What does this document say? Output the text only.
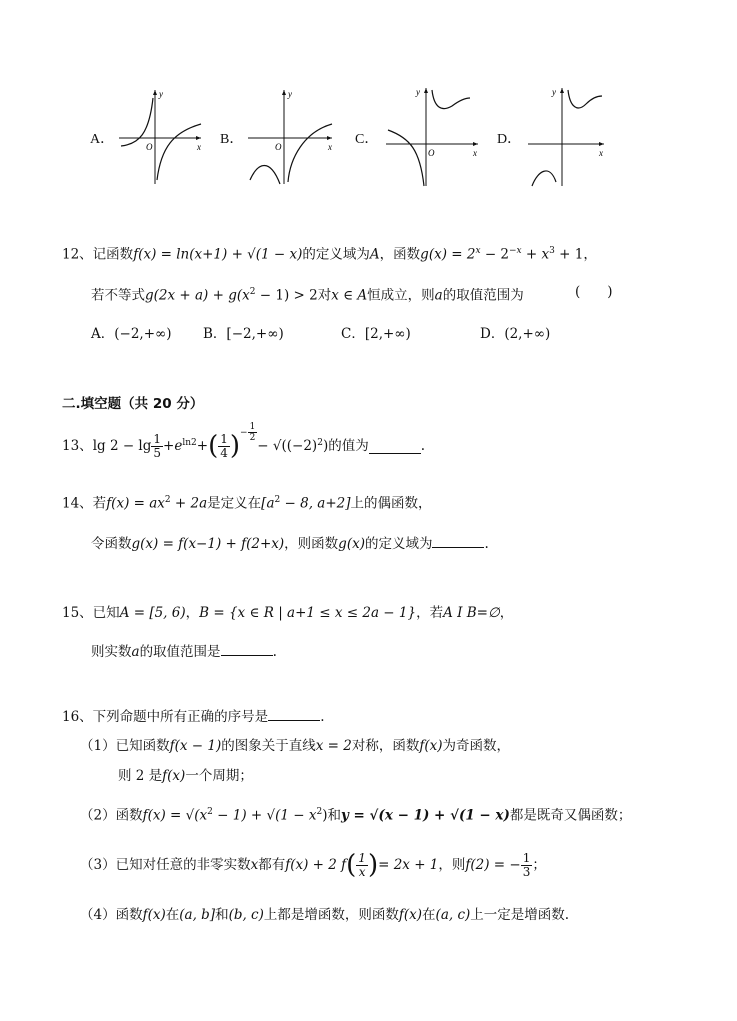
A．
y
x
O	B．
y
x
O	C．
y
x
O
D．
y
x
12、记函数f(x) = ln(x+1) + √(1 − x)的定义域为A，函数$g(x) = 2^x - 2^{-x} + x^3 + 1$，
若不等式$g(2x + a) + g(x^2 - 1) > 2$对x ∈ A恒成立，则a的取值范围为	(　　)
A．(−2,+∞) B．[−2,+∞)	C．[2,+∞)	D．(2,+∞)
二.填空题（共 20 分）
13、 $\lg 2 - \lg \frac{1}{5} +e^{ln2}$ + ( $\frac{1}{4}$ ) − $\frac{1}{2}$
− $√((-2)^2$ ) 的值为	.
14、若$f(x) = ax^2 + 2a$是定义在[$a^2 - 8$, a+2]上的偶函数，
令函数g(x) = f(x−1) + f(2+x)，则函数g(x)的定义域为	.
15、已知A = [5, 6)，B = {x ∈ R | a+1 ≤ x ≤ 2a − 1}，若A I B=∅，
则实数a的取值范围是	.
16、下列命题中所有正确的序号是	.
（1）已知函数f(x − 1)的图象关于直线x = 2对称，函数f(x)为奇函数，
则 2 是f(x)一个周期；
（2）函数$f(x) = √(x^2 - 1) + √(1 - x^2)$和y = √(x − 1) + √(1 − x)都是既奇又偶函数；
（3）已知对任意的非零实数 x 都有 f(x) + 2 f ( $\frac{1}{x}$ ) = 2x + 1 ，则 f(2) = − $\frac{1}{3}$ ；
（4）函数f(x)在(a, b]和(b, c)上都是增函数，则函数f(x)在(a, c)上一定是增函数.
